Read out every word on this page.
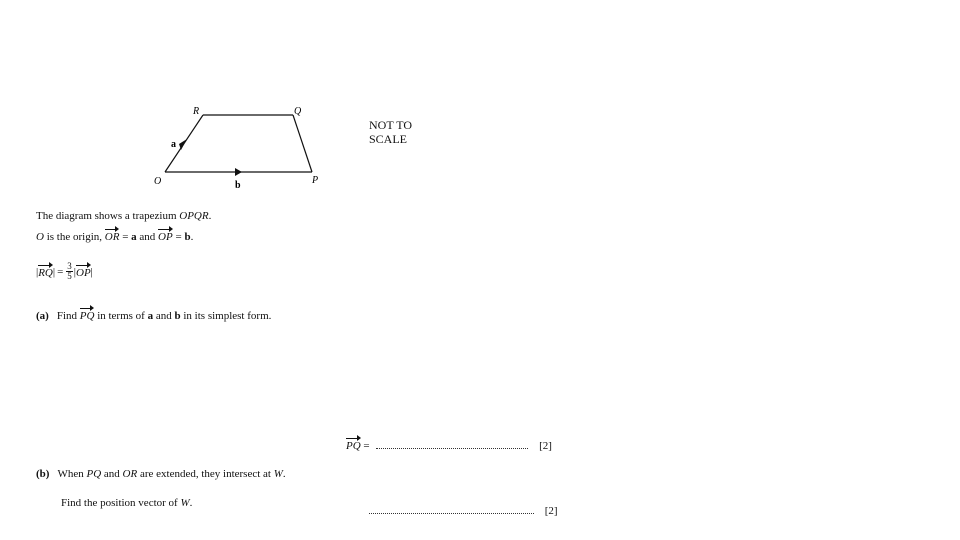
R	Q
O	P
a
b
NOT TO
SCALE
The diagram shows a trapezium OPQR.
O is the origin, OR = a and OP = b.
| RQ | = $\frac{3}{5}$ | OP |
(a) Find PQ in terms of a and b in its simplest form.
PQ =	[2]
(b) When PQ and OR are extended, they intersect at W.
Find the position vector of W.
[2]
